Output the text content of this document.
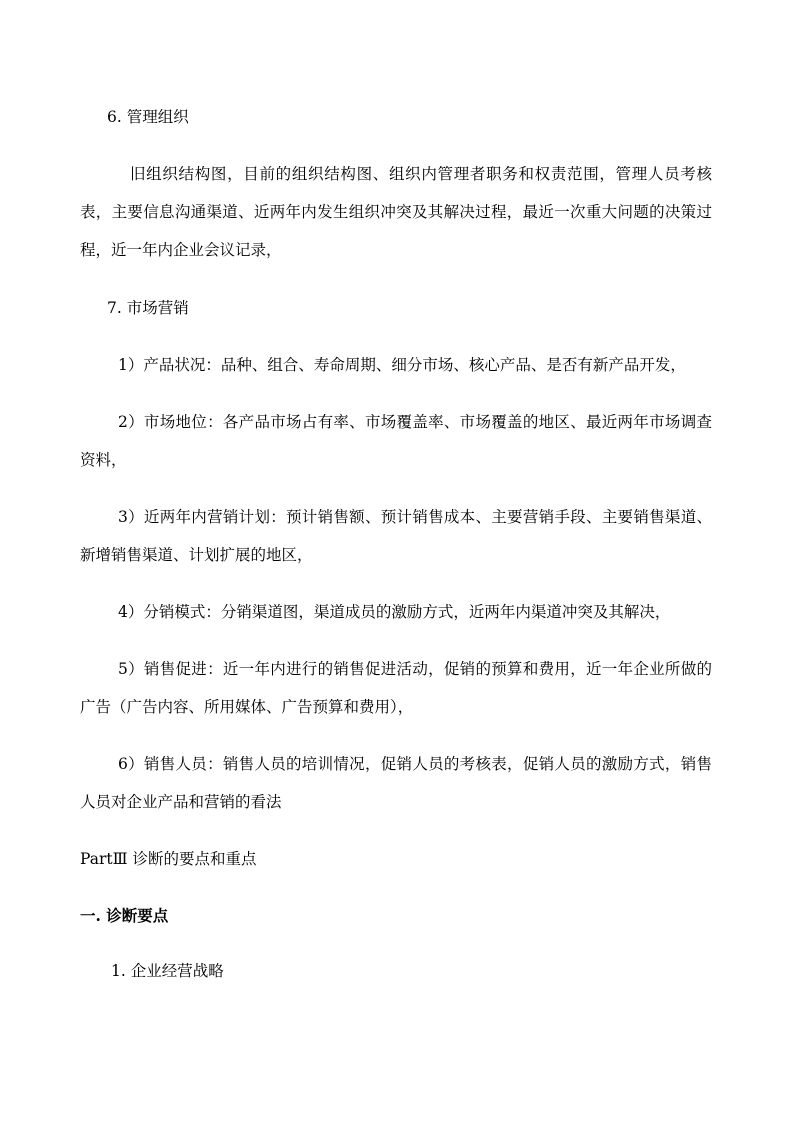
6. 管理组织

旧组织结构图，目前的组织结构图、组织内管理者职务和权责范围，管理人员考核表，主要信息沟通渠道、近两年内发生组织冲突及其解决过程，最近一次重大问题的决策过程，近一年内企业会议记录，

7. 市场营销

1）产品状况：品种、组合、寿命周期、细分市场、核心产品、是否有新产品开发，

2）市场地位：各产品市场占有率、市场覆盖率、市场覆盖的地区、最近两年市场调查资料，

3）近两年内营销计划：预计销售额、预计销售成本、主要营销手段、主要销售渠道、新增销售渠道、计划扩展的地区，

4）分销模式：分销渠道图，渠道成员的激励方式，近两年内渠道冲突及其解决，

5）销售促进：近一年内进行的销售促进活动，促销的预算和费用，近一年企业所做的广告（广告内容、所用媒体、广告预算和费用），

6）销售人员：销售人员的培训情况，促销人员的考核表，促销人员的激励方式，销售人员对企业产品和营销的看法

PartⅢ 诊断的要点和重点

一. 诊断要点

1. 企业经营战略
